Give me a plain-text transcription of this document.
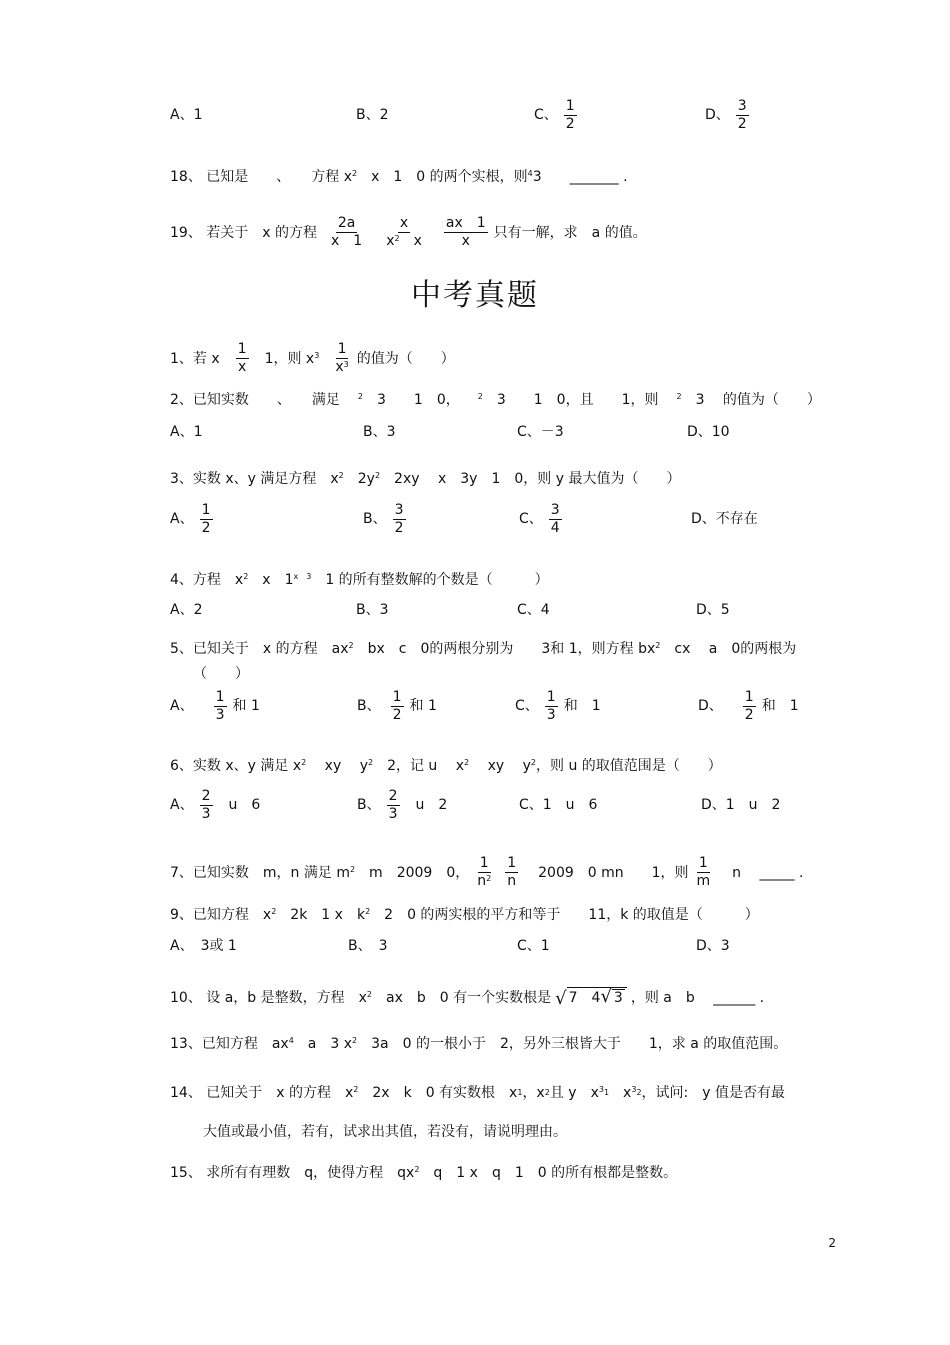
A、1	B、2	C、 $\frac{1}{2}$	D、 $\frac{3}{2}$
18、 已知是　　、　　方程 $x^2$ 　x　1　0 的两个实根，则$^4$ 3　　_______ .
19、 若关于　x 的方程 $\frac{2a}{x 1} \frac{x}{x^2 x} \frac{ax 1}{x}$ 只有一解，求　a 的值。
中考真题
1、若 x $\frac{1}{x} 1$，则 $x^3 \frac{1}{x^3}$ 的值为（　　）
2、已知实数　　、　　满足 $^2$ 　3　　1　0， $^2$ 　3　　1　0，且　　1，则 $^2$ 　3　 的值为（　　）
A、1	B、3	C、－3	D、10
3、实数 x、y 满足方程　$x^2$ 　$2y^2$ 　2xy　 x　3y　1　0，则 y 最大值为（　　）
A、 $\frac{1}{2}$	B、 $\frac{3}{2}$	C、 $\frac{3}{4}$	D、不存在
4、方程　$x^2$ 　x　$1^{x 3}$ 　1 的所有整数解的个数是（　　　）
A、2	B、3	C、4	D、5
5、已知关于　x 的方程　$ax^2$ 　bx　c　0的两根分别为　　3和 1，则方程 $bx^2$ 　cx　 a　0的两根为
（　　）
A、 $\frac{1}{3}$ 和 1	B、 $\frac{1}{2}$ 和 1	C、 $\frac{1}{3}$ 和　1	D、 $\frac{1}{2}$ 和　1
6、实数 x、y 满足 $x^2$ 　 xy　 $y^2$ 　2，记 u　 $x^2$ 　 xy　 $y^2$ ，则 u 的取值范围是（　　）
A、 $\frac{2}{3}$ u　6	B、 $\frac{2}{3}$ u　2	C、1　u　6	D、1　u　2
7、已知实数　m，n 满足 $m^2$ 　m　2009　0， $\frac{1}{n^2} \frac{1}{n}$ 　2009　0 mn　　1，则 $\frac{1}{m}$ 　n　 _____ .
9、已知方程　$x^2$ 　2k　1 x　$k^2$ 　2　0 的两实根的平方和等于　　11，k 的取值是（　　　）
A、　3或 1	B、　3	C、1	D、3
10、 设 a，b 是整数，方程　$x^2$ 　ax　b　0 有一个实数根是 √ 7　4√ 3 ，则 a　b　 ______ .
13、已知方程　$ax^4$ 　a　3 $x^2$ 　3a　0 的一根小于　2，另外三根皆大于　　1，求 a 的取值范围。
14、 已知关于　x 的方程　$x^2$ 　2x　k　0 有实数根　x 1 ，x 2 且 y　$x^3_1$ 　$x^3_2$ ，试问:　y 值是否有最
大值或最小值，若有，试求出其值，若没有，请说明理由。
15、 求所有有理数　q，使得方程　$qx^2$ 　q　1 x　q　1　0 的所有根都是整数。
2
